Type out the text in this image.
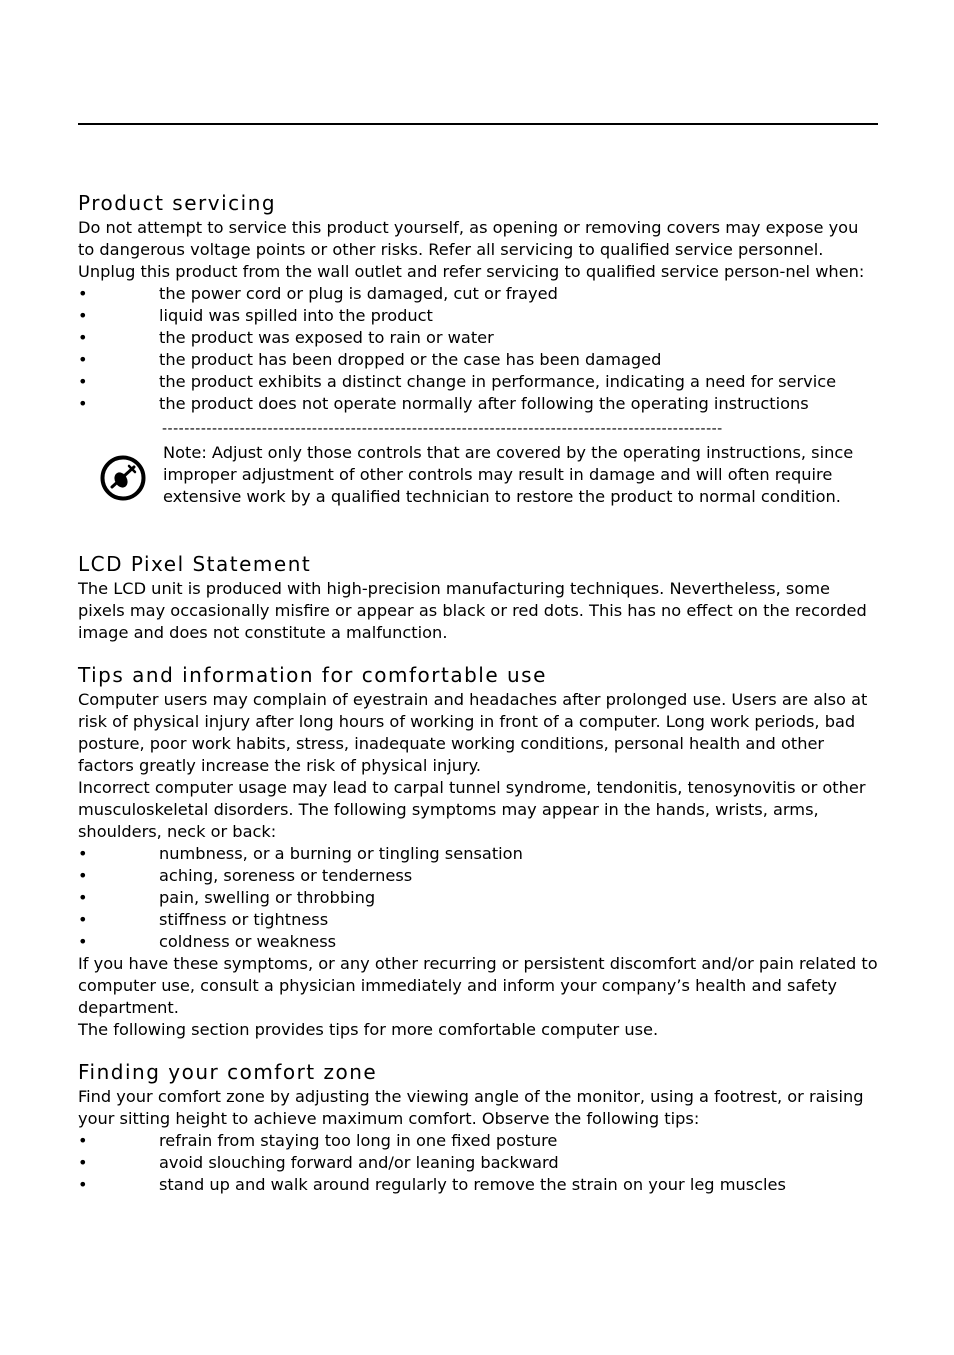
Product servicing

Do not attempt to service this product yourself, as opening or removing covers may expose you to dangerous voltage points or other risks. Refer all servicing to qualified service personnel.

Unplug this product from the wall outlet and refer servicing to qualified service person-nel when:

•	the power cord or plug is damaged, cut or frayed
•	liquid was spilled into the product
•	the product was exposed to rain or water
•	the product has been dropped or the case has been damaged
•	the product exhibits a distinct change in performance, indicating a need for service
•	the product does not operate normally after following the operating instructions
-----------------------------------------------------------------------------------------------------
Note: Adjust only those controls that are covered by the operating instructions, since improper adjustment of other controls may result in damage and will often require extensive work by a qualified technician to restore the product to normal condition.
LCD Pixel Statement

The LCD unit is produced with high-precision manufacturing techniques. Nevertheless, some pixels may occasionally misfire or appear as black or red dots. This has no effect on the recorded image and does not constitute a malfunction.

Tips and information for comfortable use

Computer users may complain of eyestrain and headaches after prolonged use. Users are also at risk of physical injury after long hours of working in front of a computer. Long work periods, bad posture, poor work habits, stress, inadequate working conditions, personal health and other factors greatly increase the risk of physical injury.

Incorrect computer usage may lead to carpal tunnel syndrome, tendonitis, tenosynovitis or other musculoskeletal disorders. The following symptoms may appear in the hands, wrists, arms, shoulders, neck or back:

•	numbness, or a burning or tingling sensation
•	aching, soreness or tenderness
•	pain, swelling or throbbing
•	stiffness or tightness
•	coldness or weakness

If you have these symptoms, or any other recurring or persistent discomfort and/or pain related to computer use, consult a physician immediately and inform your company’s health and safety department.

The following section provides tips for more comfortable computer use.

Finding your comfort zone

Find your comfort zone by adjusting the viewing angle of the monitor, using a footrest, or raising your sitting height to achieve maximum comfort. Observe the following tips:

•	refrain from staying too long in one fixed posture
•	avoid slouching forward and/or leaning backward
•	stand up and walk around regularly to remove the strain on your leg muscles
